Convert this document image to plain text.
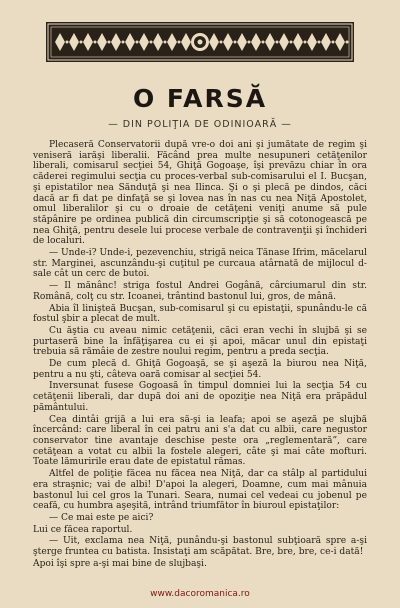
O FARSĂ
— DIN POLIŢIA DE ODINIOARĂ —

Plecaseră Conservatorii după vre-o doi ani şi jumătate de regim şi veniseră iarăşi liberalii. Făcând prea multe nesupuneri cetăţenilor liberali, comisarul secţiei 54, Ghiţă Gogoaşe, îşi prevăzu chiar în ora căderei regimului secţia cu proces-verbal sub-comisarului el I. Bucşan, şi epistatilor nea Sănduţă şi nea Ilinca. Şi o şi plecă pe dindos, căci dacă ar fi dat pe dinfaţă se şi lovea nas în nas cu nea Niţă Apostolet, omul liberalilor şi cu o droaie de cetăţeni veniţi anume să pule stăpânire pe ordinea publică din circumscripţie şi să cotonogească pe nea Ghiţă, pentru desele lui procese verbale de contravenţii şi închideri de localuri.

— Unde-i? Unde-i, pezevenchiu, strigă neica Tănase Ifrim, măcelarul str. Marginei, ascunzându-şi cuţitul pe curcaua atârnată de mijlocul d-sale cât un cerc de butoi.

— Il mănânc! striga fostul Andrei Gogână, cârciumarul din str. Română, colţ cu str. Icoanei, trântind bastonul lui, gros, de mână.

Abia îl linişteă Bucşan, sub-comisarul şi cu epistaţii, spunându-le că fostul şbir a plecat de mult.

Cu ăştia cu aveau nimic cetăţenii, căci eran vechi în slujbă şi se purtaseră bine la înfăţişarea cu ei şi apoi, măcar unul din epistaţi trebuia să rămâie de zestre noului regim, pentru a preda secţia.

De cum plecă d. Ghiţă Gogoaşă, se şi aşeză la biurou nea Niţă, pentru a nu şti, câteva oară comisar al secţiei 54.

Inversunat fusese Gogoasă în timpul domniei lui la secţia 54 cu cetăţenii liberali, dar după doi ani de opoziţie nea Niţă era prăpădul pământului.

Cea dintâi grijă a lui era să-şi ia leafa; apoi se aşeză pe slujbă încercând: care liberal în cei patru ani s'a dat cu albii, care negustor conservator tine avantaje deschise peste ora „reglementară”, care cetăţean a votat cu albii la fostele alegeri, câte şi mai câte mofturi. Toate lămuririle erau date de epistatul rămas.

Altfel de poliţie făcea nu făcea nea Niţă, dar ca stâlp al partidului era straşnic; vai de albi! D'apoi la alegeri, Doamne, cum mai mânuia bastonul lui cel gros la Tunari. Seara, numai cel vedeai cu jobenul pe ceafă, cu humbra aşeşită, intrând triumfător în biuroul epistaţilor:

— Ce mai este pe aici?

Lui ce făcea raportul.

— Uit, exclama nea Niţă, punându-şi bastonul subţioară spre a-şi şterge fruntea cu batista. Insistaţi am scăpătat. Bre, bre, bre, ce-i dată!

Apoi îşi spre a-şi mai bine de slujbaşi.

www.dacoromanica.ro
